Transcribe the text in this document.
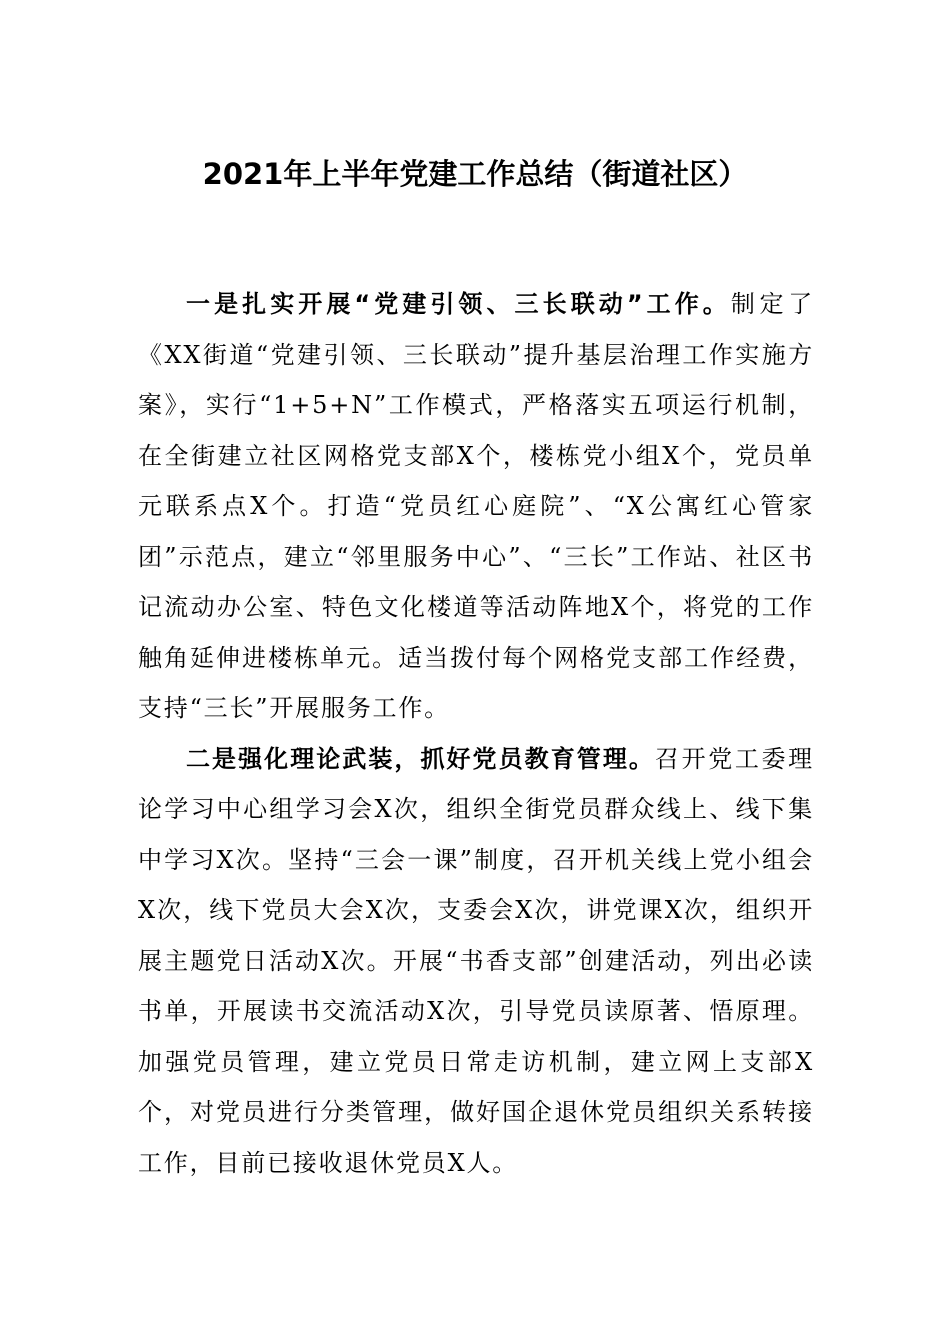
2021年上半年党建工作总结（街道社区）

一是扎实开展“党建引领、三长联动”工作。制定了《XX街道“党建引领、三长联动”提升基层治理工作实施方案》，实行“1+5+N”工作模式，严格落实五项运行机制，在全街建立社区网格党支部X个，楼栋党小组X个，党员单元联系点X个。打造“党员红心庭院”、“X公寓红心管家团”示范点，建立“邻里服务中心”、“三长”工作站、社区书记流动办公室、特色文化楼道等活动阵地X个，将党的工作触角延伸进楼栋单元。适当拨付每个网格党支部工作经费，支持“三长”开展服务工作。

二是强化理论武装，抓好党员教育管理。召开党工委理论学习中心组学习会X次，组织全街党员群众线上、线下集中学习X次。坚持“三会一课”制度，召开机关线上党小组会X次，线下党员大会X次，支委会X次，讲党课X次，组织开展主题党日活动X次。开展“书香支部”创建活动，列出必读书单，开展读书交流活动X次，引导党员读原著、悟原理。加强党员管理，建立党员日常走访机制，建立网上支部X个，对党员进行分类管理，做好国企退休党员组织关系转接工作，目前已接收退休党员X人。
